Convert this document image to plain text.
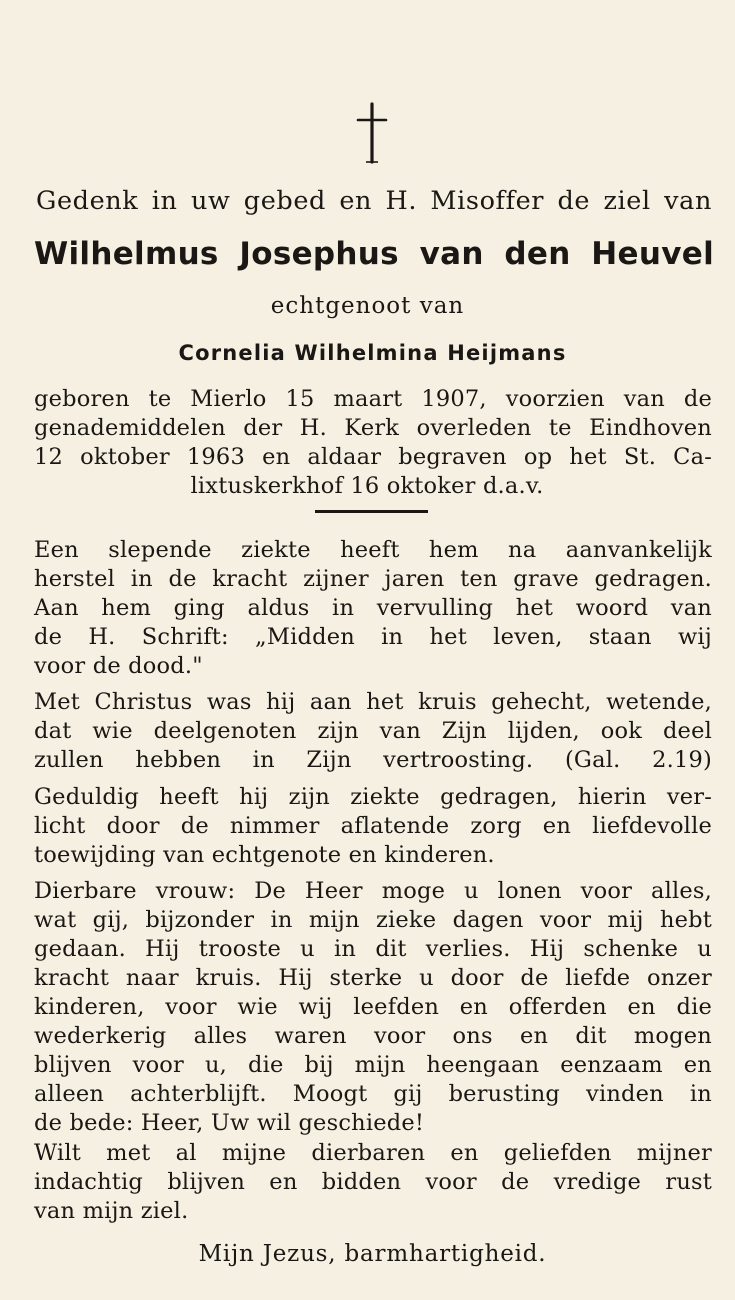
Gedenk in uw gebed en H. Misoffer de ziel van
Wilhelmus Josephus van den Heuvel
echtgenoot van
Cornelia Wilhelmina Heijmans
geboren te Mierlo 15 maart 1907, voorzien van de
genademiddelen der H. Kerk overleden te Eindhoven
12 oktober 1963 en aldaar begraven op het St. Ca-
lixtuskerkhof 16 oktoker d.a.v.
Een slepende ziekte heeft hem na aanvankelijk
herstel in de kracht zijner jaren ten grave gedragen.
Aan hem ging aldus in vervulling het woord van
de H. Schrift: „Midden in het leven, staan wij
voor de dood."
Met Christus was hij aan het kruis gehecht, wetende,
dat wie deelgenoten zijn van Zijn lijden, ook deel
zullen hebben in Zijn vertroosting. (Gal. 2.19)
Geduldig heeft hij zijn ziekte gedragen, hierin ver-
licht door de nimmer aflatende zorg en liefdevolle
toewijding van echtgenote en kinderen.
Dierbare vrouw: De Heer moge u lonen voor alles,
wat gij, bijzonder in mijn zieke dagen voor mij hebt
gedaan. Hij trooste u in dit verlies. Hij schenke u
kracht naar kruis. Hij sterke u door de liefde onzer
kinderen, voor wie wij leefden en offerden en die
wederkerig alles waren voor ons en dit mogen
blijven voor u, die bij mijn heengaan eenzaam en
alleen achterblijft. Moogt gij berusting vinden in
de bede: Heer, Uw wil geschiede!
Wilt met al mijne dierbaren en geliefden mijner
indachtig blijven en bidden voor de vredige rust
van mijn ziel.
Mijn Jezus, barmhartigheid.
